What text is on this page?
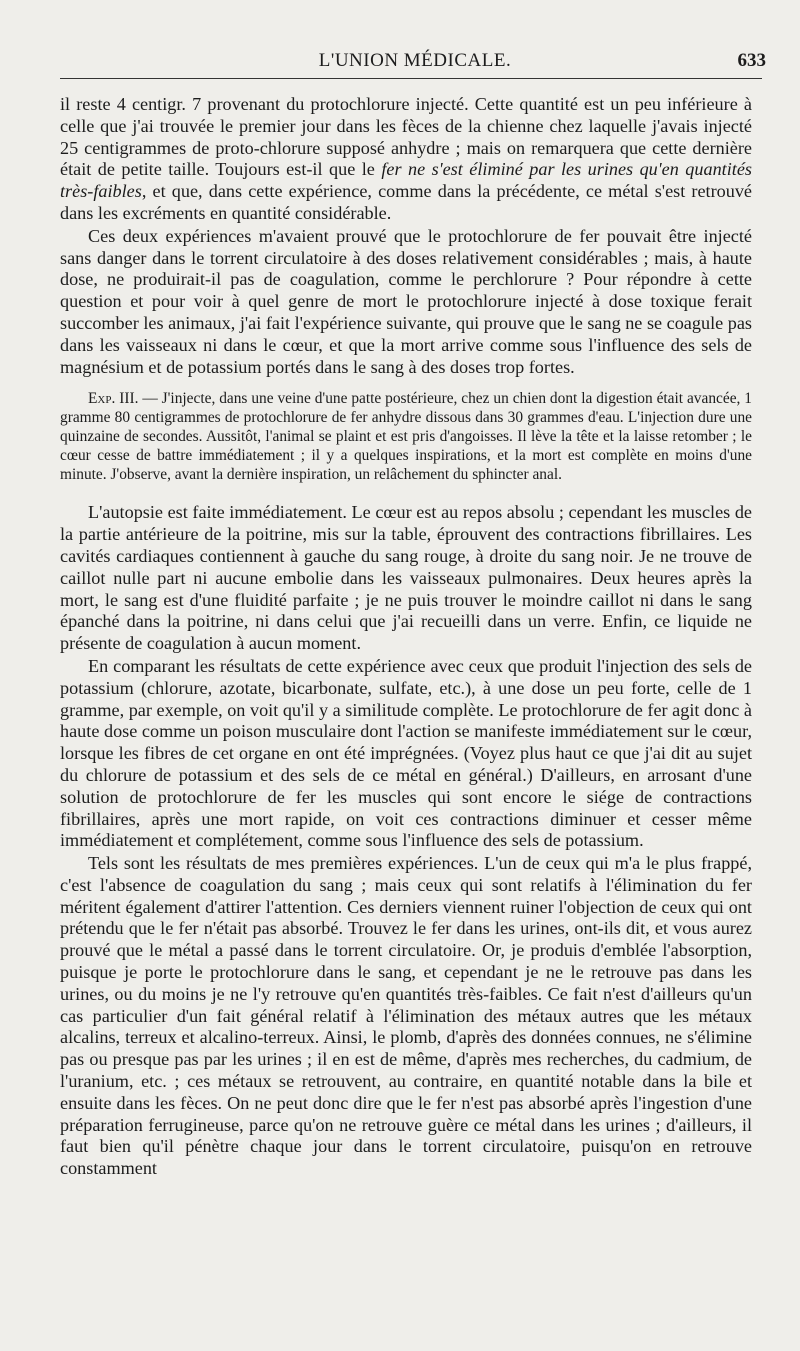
L'UNION MÉDICALE.	633

il reste 4 centigr. 7 provenant du protochlorure injecté. Cette quantité est un peu inférieure à celle que j'ai trouvée le premier jour dans les fèces de la chienne chez laquelle j'avais injecté 25 centigrammes de proto-chlorure supposé anhydre ; mais on remarquera que cette dernière était de petite taille. Toujours est-il que le fer ne s'est éliminé par les urines qu'en quantités très-faibles, et que, dans cette expérience, comme dans la précédente, ce métal s'est retrouvé dans les excréments en quantité considérable.

Ces deux expériences m'avaient prouvé que le protochlorure de fer pouvait être injecté sans danger dans le torrent circulatoire à des doses relativement considérables ; mais, à haute dose, ne produirait-il pas de coagulation, comme le perchlorure ? Pour répondre à cette question et pour voir à quel genre de mort le protochlorure injecté à dose toxique ferait succomber les animaux, j'ai fait l'expérience suivante, qui prouve que le sang ne se coagule pas dans les vaisseaux ni dans le cœur, et que la mort arrive comme sous l'influence des sels de magnésium et de potassium portés dans le sang à des doses trop fortes.

Exp. III. — J'injecte, dans une veine d'une patte postérieure, chez un chien dont la digestion était avancée, 1 gramme 80 centigrammes de protochlorure de fer anhydre dissous dans 30 grammes d'eau. L'injection dure une quinzaine de secondes. Aussitôt, l'animal se plaint et est pris d'angoisses. Il lève la tête et la laisse retomber ; le cœur cesse de battre immédiatement ; il y a quelques inspirations, et la mort est complète en moins d'une minute. J'observe, avant la dernière inspiration, un relâchement du sphincter anal.

L'autopsie est faite immédiatement. Le cœur est au repos absolu ; cependant les muscles de la partie antérieure de la poitrine, mis sur la table, éprouvent des contractions fibrillaires. Les cavités cardiaques contiennent à gauche du sang rouge, à droite du sang noir. Je ne trouve de caillot nulle part ni aucune embolie dans les vaisseaux pulmonaires. Deux heures après la mort, le sang est d'une fluidité parfaite ; je ne puis trouver le moindre caillot ni dans le sang épanché dans la poitrine, ni dans celui que j'ai recueilli dans un verre. Enfin, ce liquide ne présente de coagulation à aucun moment.

En comparant les résultats de cette expérience avec ceux que produit l'injection des sels de potassium (chlorure, azotate, bicarbonate, sulfate, etc.), à une dose un peu forte, celle de 1 gramme, par exemple, on voit qu'il y a similitude complète. Le protochlorure de fer agit donc à haute dose comme un poison musculaire dont l'action se manifeste immédiatement sur le cœur, lorsque les fibres de cet organe en ont été imprégnées. (Voyez plus haut ce que j'ai dit au sujet du chlorure de potassium et des sels de ce métal en général.) D'ailleurs, en arrosant d'une solution de protochlorure de fer les muscles qui sont encore le siége de contractions fibrillaires, après une mort rapide, on voit ces contractions diminuer et cesser même immédiatement et complétement, comme sous l'influence des sels de potassium.

Tels sont les résultats de mes premières expériences. L'un de ceux qui m'a le plus frappé, c'est l'absence de coagulation du sang ; mais ceux qui sont relatifs à l'élimination du fer méritent également d'attirer l'attention. Ces derniers viennent ruiner l'objection de ceux qui ont prétendu que le fer n'était pas absorbé. Trouvez le fer dans les urines, ont-ils dit, et vous aurez prouvé que le métal a passé dans le torrent circulatoire. Or, je produis d'emblée l'absorption, puisque je porte le protochlorure dans le sang, et cependant je ne le retrouve pas dans les urines, ou du moins je ne l'y retrouve qu'en quantités très-faibles. Ce fait n'est d'ailleurs qu'un cas particulier d'un fait général relatif à l'élimination des métaux autres que les métaux alcalins, terreux et alcalino-terreux. Ainsi, le plomb, d'après des données connues, ne s'élimine pas ou presque pas par les urines ; il en est de même, d'après mes recherches, du cadmium, de l'uranium, etc. ; ces métaux se retrouvent, au contraire, en quantité notable dans la bile et ensuite dans les fèces. On ne peut donc dire que le fer n'est pas absorbé après l'ingestion d'une préparation ferrugineuse, parce qu'on ne retrouve guère ce métal dans les urines ; d'ailleurs, il faut bien qu'il pénètre chaque jour dans le torrent circulatoire, puisqu'on en retrouve constamment
